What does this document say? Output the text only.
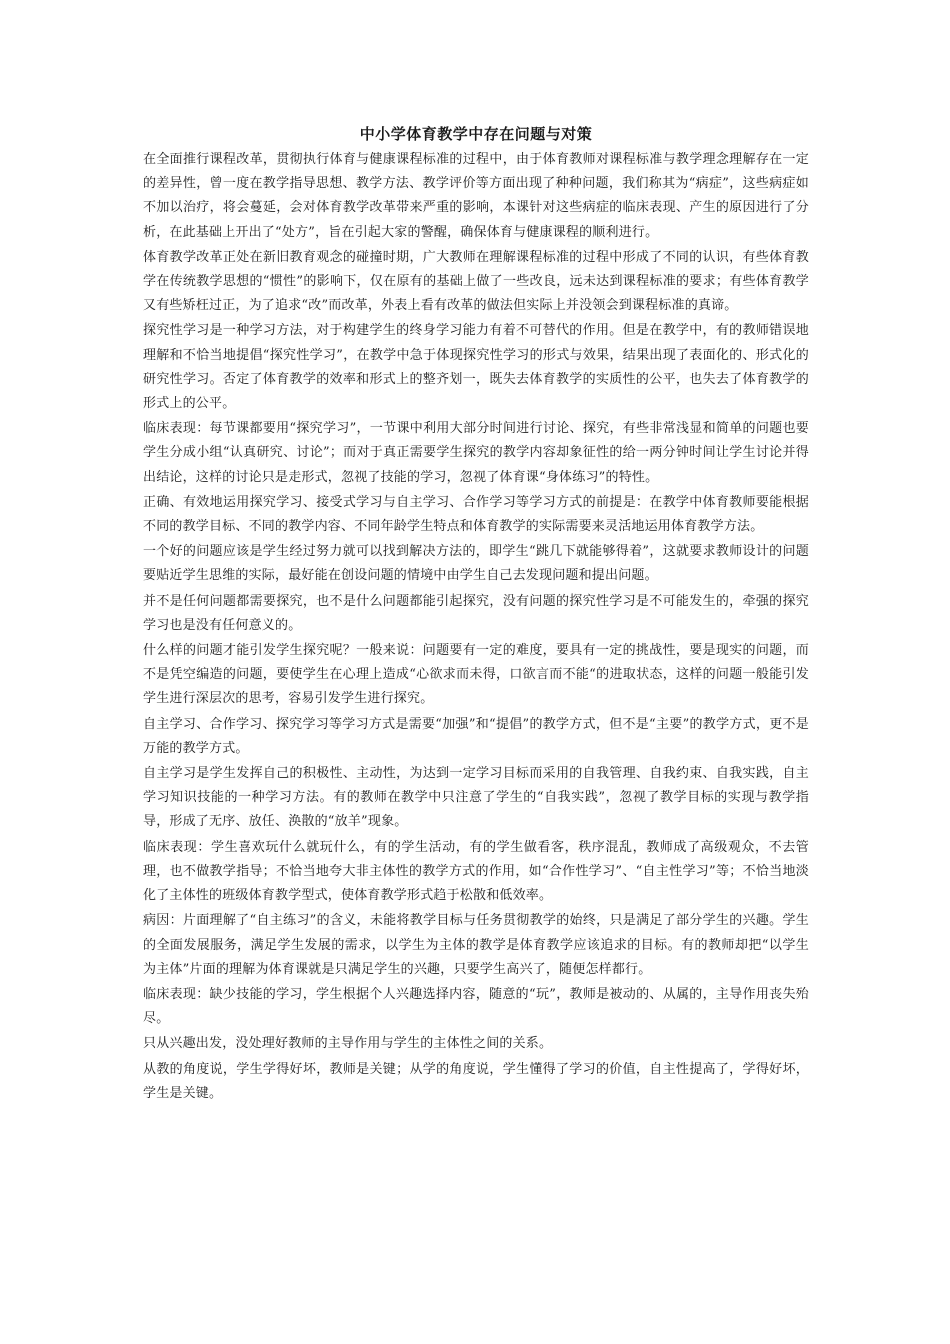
中小学体育教学中存在问题与对策
在全面推行课程改革，贯彻执行体育与健康课程标准的过程中，由于体育教师对课程标准与教学理念理解存在一定的差异性，曾一度在教学指导思想、教学方法、教学评价等方面出现了种种问题，我们称其为“病症”，这些病症如不加以治疗，将会蔓延，会对体育教学改革带来严重的影响，本课针对这些病症的临床表现、产生的原因进行了分析，在此基础上开出了“处方”，旨在引起大家的警醒，确保体育与健康课程的顺利进行。
体育教学改革正处在新旧教育观念的碰撞时期，广大教师在理解课程标准的过程中形成了不同的认识，有些体育教学在传统教学思想的“惯性”的影响下，仅在原有的基础上做了一些改良，远未达到课程标准的要求；有些体育教学又有些矫枉过正，为了追求“改”而改革，外表上看有改革的做法但实际上并没领会到课程标准的真谛。
探究性学习是一种学习方法，对于构建学生的终身学习能力有着不可替代的作用。但是在教学中，有的教师错误地理解和不恰当地提倡“探究性学习”，在教学中急于体现探究性学习的形式与效果，结果出现了表面化的、形式化的研究性学习。否定了体育教学的效率和形式上的整齐划一，既失去体育教学的实质性的公平，也失去了体育教学的形式上的公平。
临床表现：每节课都要用“探究学习”，一节课中利用大部分时间进行讨论、探究，有些非常浅显和简单的问题也要学生分成小组“认真研究、讨论”；而对于真正需要学生探究的教学内容却象征性的给一两分钟时间让学生讨论并得出结论，这样的讨论只是走形式，忽视了技能的学习，忽视了体育课“身体练习”的特性。
正确、有效地运用探究学习、接受式学习与自主学习、合作学习等学习方式的前提是：在教学中体育教师要能根据不同的教学目标、不同的教学内容、不同年龄学生特点和体育教学的实际需要来灵活地运用体育教学方法。
一个好的问题应该是学生经过努力就可以找到解决方法的，即学生“跳几下就能够得着”，这就要求教师设计的问题要贴近学生思维的实际，最好能在创设问题的情境中由学生自己去发现问题和提出问题。
并不是任何问题都需要探究，也不是什么问题都能引起探究，没有问题的探究性学习是不可能发生的，牵强的探究学习也是没有任何意义的。
什么样的问题才能引发学生探究呢？一般来说：问题要有一定的难度，要具有一定的挑战性，要是现实的问题，而不是凭空编造的问题，要使学生在心理上造成“心欲求而未得，口欲言而不能“的进取状态，这样的问题一般能引发学生进行深层次的思考，容易引发学生进行探究。
自主学习、合作学习、探究学习等学习方式是需要“加强”和“提倡”的教学方式，但不是“主要”的教学方式，更不是万能的教学方式。
自主学习是学生发挥自己的积极性、主动性，为达到一定学习目标而采用的自我管理、自我约束、自我实践，自主学习知识技能的一种学习方法。有的教师在教学中只注意了学生的“自我实践”，忽视了教学目标的实现与教学指导，形成了无序、放任、涣散的“放羊”现象。
临床表现：学生喜欢玩什么就玩什么，有的学生活动，有的学生做看客，秩序混乱，教师成了高级观众，不去管理，也不做教学指导；不恰当地夸大非主体性的教学方式的作用，如“合作性学习”、“自主性学习”等；不恰当地淡化了主体性的班级体育教学型式，使体育教学形式趋于松散和低效率。
病因：片面理解了“自主练习”的含义，未能将教学目标与任务贯彻教学的始终，只是满足了部分学生的兴趣。学生的全面发展服务，满足学生发展的需求，以学生为主体的教学是体育教学应该追求的目标。有的教师却把“以学生为主体”片面的理解为体育课就是只满足学生的兴趣，只要学生高兴了，随便怎样都行。
临床表现：缺少技能的学习，学生根据个人兴趣选择内容，随意的“玩”，教师是被动的、从属的，主导作用丧失殆尽。
只从兴趣出发，没处理好教师的主导作用与学生的主体性之间的关系。
从教的角度说，学生学得好坏，教师是关键；从学的角度说，学生懂得了学习的价值，自主性提高了，学得好坏，学生是关键。
